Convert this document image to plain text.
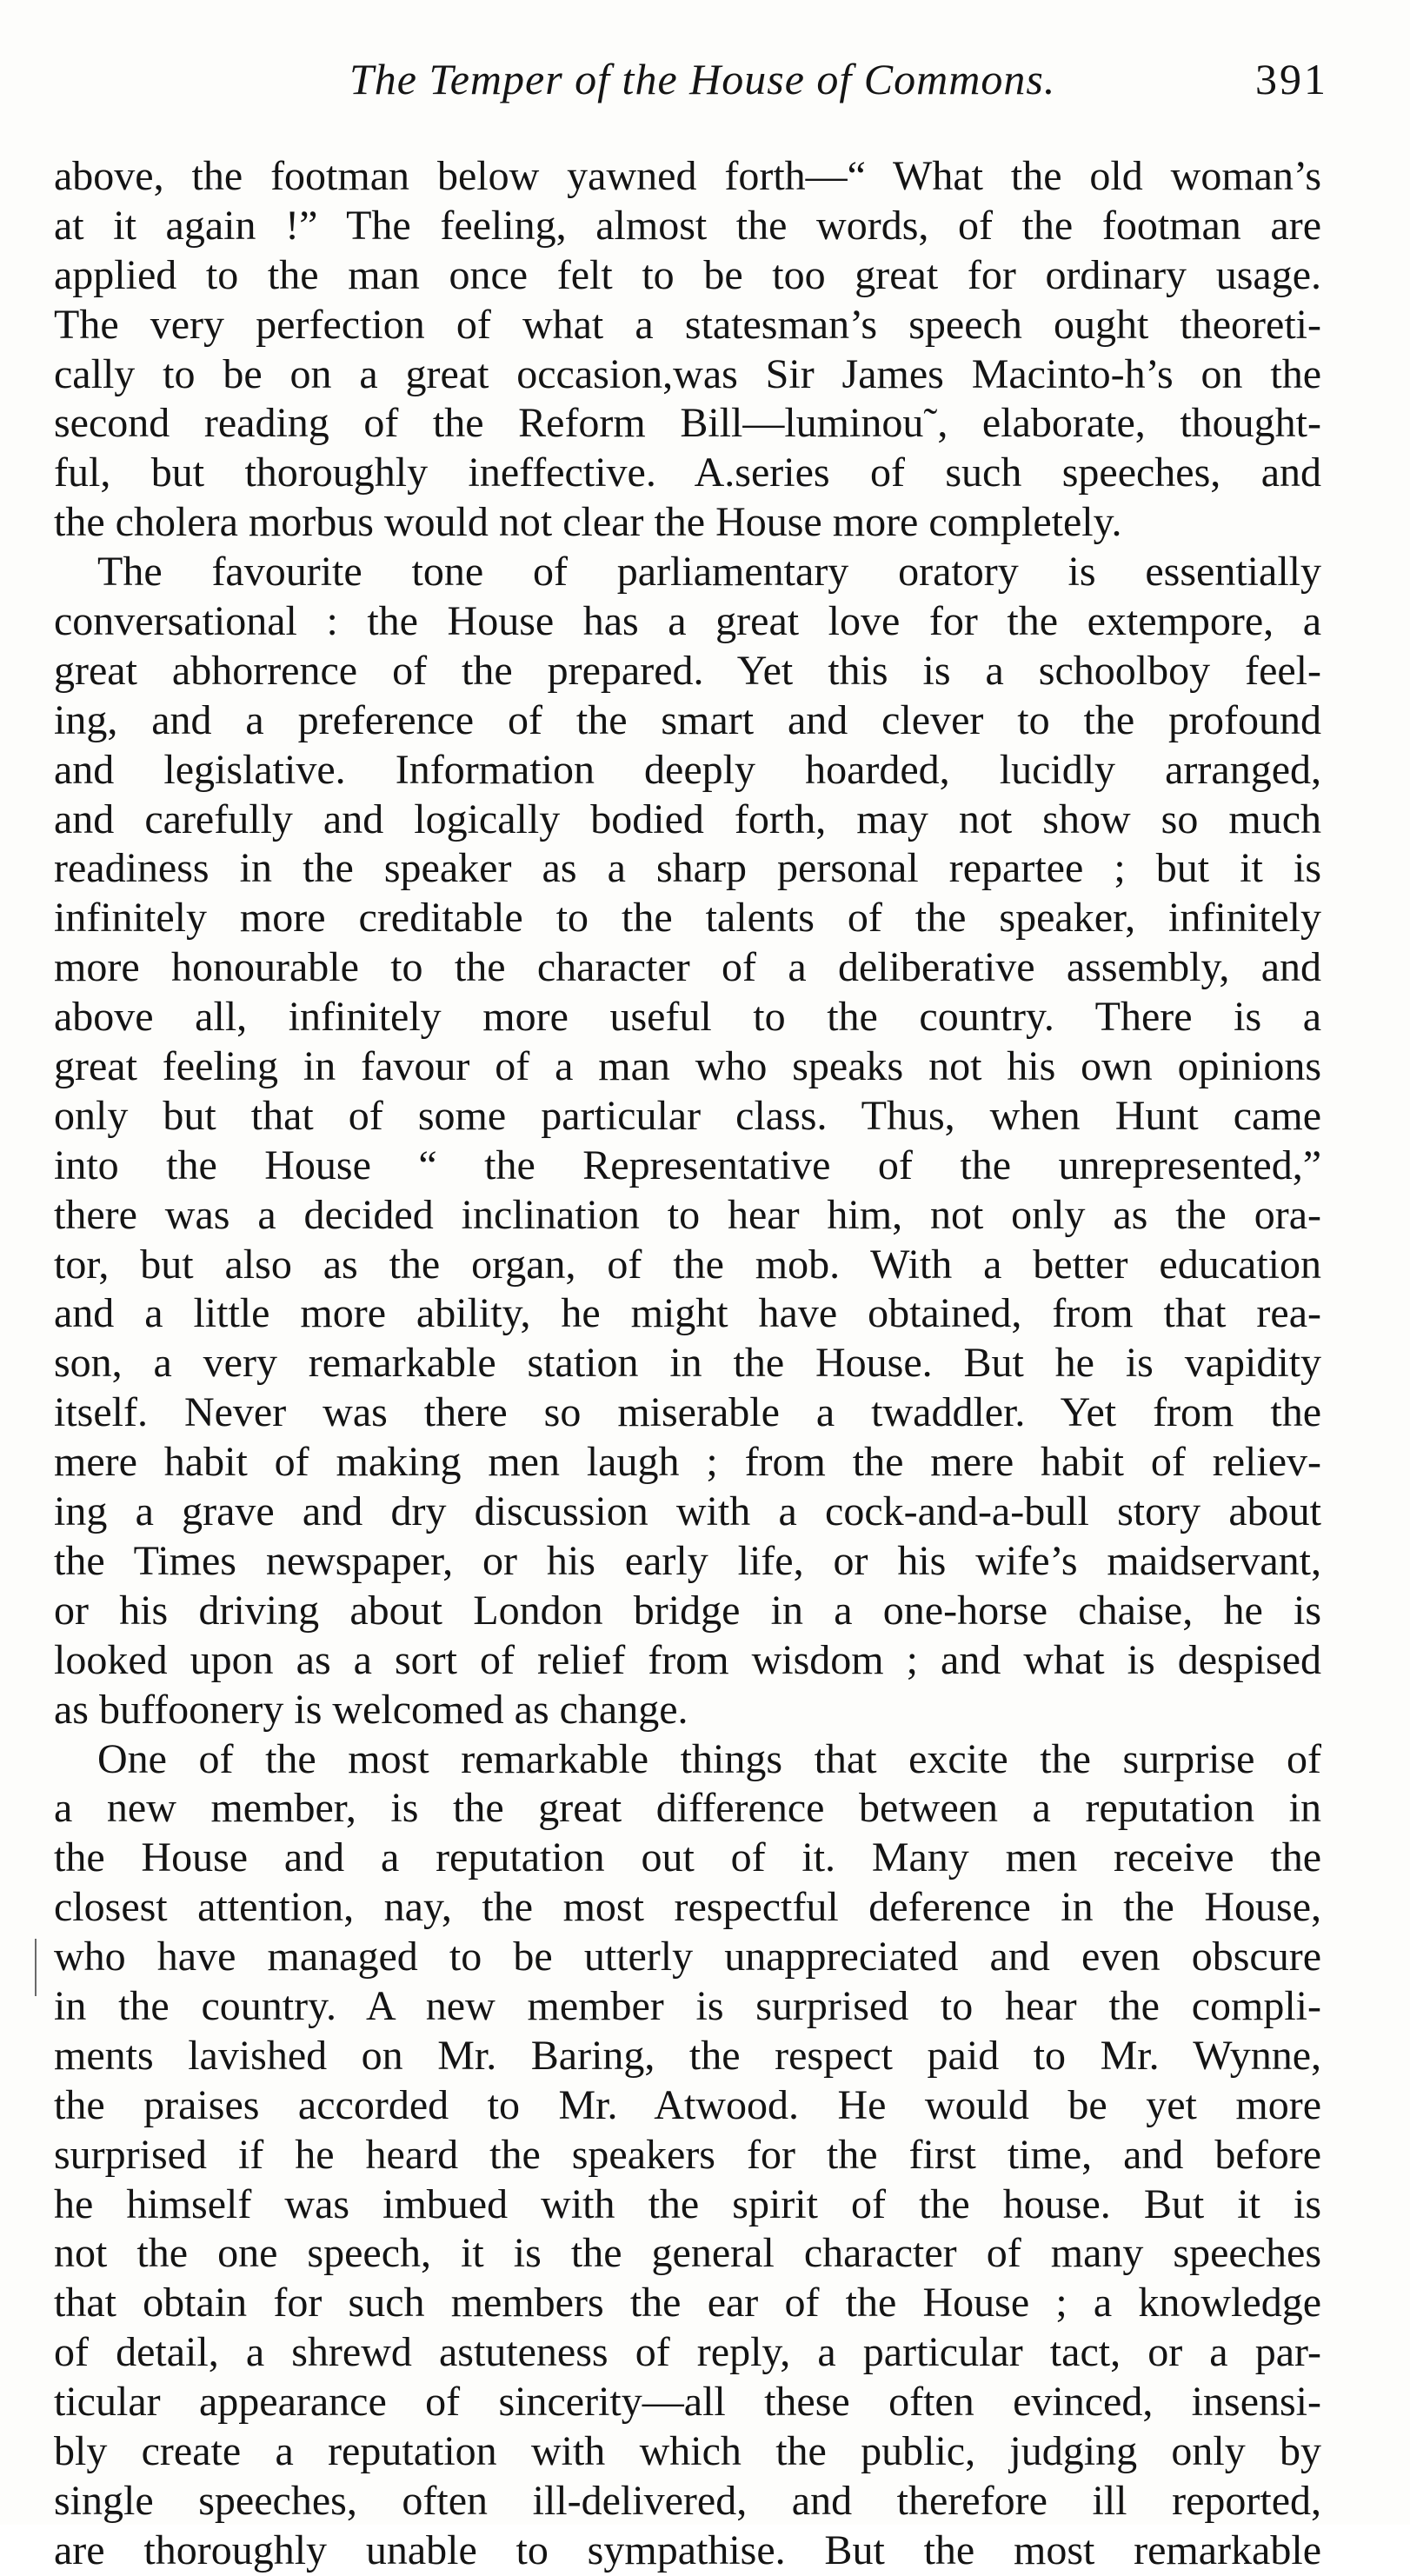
The Temper of the House of Commons.	391
above, the footman below yawned forth—“ What the old woman’s
at it again !” The feeling, almost the words, of the footman are
applied to the man once felt to be too great for ordinary usage.
The very perfection of what a statesman’s speech ought theoreti-
cally to be on a great occasion,was Sir James Macinto-h’s on the
second reading of the Reform Bill—luminou˜, elaborate, thought-
ful, but thoroughly ineffective. A.series of such speeches, and
the cholera morbus would not clear the House more completely.
The favourite tone of parliamentary oratory is essentially
conversational : the House has a great love for the extempore, a
great abhorrence of the prepared. Yet this is a schoolboy feel-
ing, and a preference of the smart and clever to the profound
and legislative. Information deeply hoarded, lucidly arranged,
and carefully and logically bodied forth, may not show so much
readiness in the speaker as a sharp personal repartee ; but it is
infinitely more creditable to the talents of the speaker, infinitely
more honourable to the character of a deliberative assembly, and
above all, infinitely more useful to the country. There is a
great feeling in favour of a man who speaks not his own opinions
only but that of some particular class. Thus, when Hunt came
into the House “ the Representative of the unrepresented,”
there was a decided inclination to hear him, not only as the ora-
tor, but also as the organ, of the mob. With a better education
and a little more ability, he might have obtained, from that rea-
son, a very remarkable station in the House. But he is vapidity
itself. Never was there so miserable a twaddler. Yet from the
mere habit of making men laugh ; from the mere habit of reliev-
ing a grave and dry discussion with a cock-and-a-bull story about
the Times newspaper, or his early life, or his wife’s maidservant,
or his driving about London bridge in a one-horse chaise, he is
looked upon as a sort of relief from wisdom ; and what is despised
as buffoonery is welcomed as change.
One of the most remarkable things that excite the surprise of
a new member, is the great difference between a reputation in
the House and a reputation out of it. Many men receive the
closest attention, nay, the most respectful deference in the House,
who have managed to be utterly unappreciated and even obscure
in the country. A new member is surprised to hear the compli-
ments lavished on Mr. Baring, the respect paid to Mr. Wynne,
the praises accorded to Mr. Atwood. He would be yet more
surprised if he heard the speakers for the first time, and before
he himself was imbued with the spirit of the house. But it is
not the one speech, it is the general character of many speeches
that obtain for such members the ear of the House ; a knowledge
of detail, a shrewd astuteness of reply, a particular tact, or a par-
ticular appearance of sincerity—all these often evinced, insensi-
bly create a reputation with which the public, judging only by
single speeches, often ill-delivered, and therefore ill reported,
are thoroughly unable to sympathise. But the most remarkable
